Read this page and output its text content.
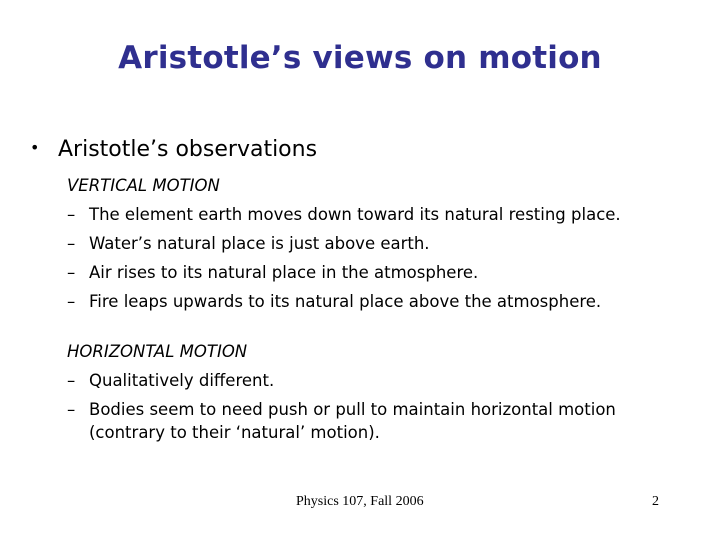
Aristotle’s views on motion
• Aristotle’s observations
VERTICAL MOTION
– The element earth moves down toward its natural resting place.
– Water’s natural place is just above earth.
– Air rises to its natural place in the atmosphere.
– Fire leaps upwards to its natural place above the atmosphere.
HORIZONTAL MOTION
– Qualitatively different.
– Bodies seem to need push or pull to maintain horizontal motion
(contrary to their ‘natural’ motion).
Physics 107, Fall 2006	2
